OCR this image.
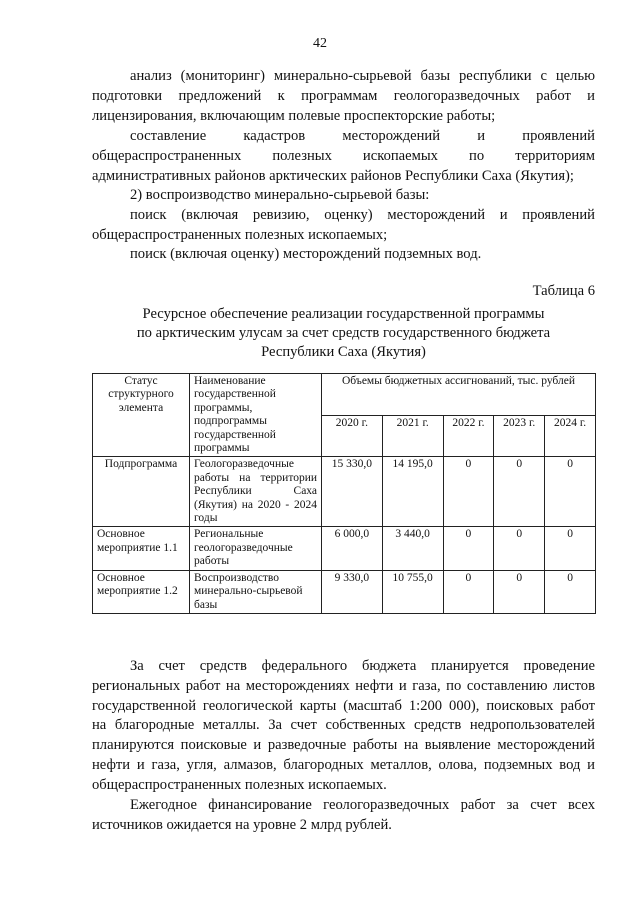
42
анализ (мониторинг) минерально-сырьевой базы республики с целью
подготовки предложений к программам геологоразведочных работ и
лицензирования, включающим полевые проспекторские работы;
составление кадастров месторождений и проявлений
общераспространенных полезных ископаемых по территориям
административных районов арктических районов Республики Саха (Якутия);
2) воспроизводство минерально-сырьевой базы:
поиск (включая ревизию, оценку) месторождений и проявлений
общераспространенных полезных ископаемых;
поиск (включая оценку) месторождений подземных вод.
Таблица 6
Ресурсное обеспечение реализации государственной программы
по арктическим улусам за счет средств государственного бюджета
Республики Саха (Якутия)
Статус структурного элемента	Наименование государственной программы, подпрограммы государственной программы	Объемы бюджетных ассигнований, тыс. рублей				
		2020 г.	2021 г.	2022 г.	2023 г.	2024 г.
Подпрограмма	Геологоразведочные работы на территории Республики Саха (Якутия) на 2020 - 2024 годы	15 330,0	14 195,0	0	0	0
Основное мероприятие 1.1	Региональные геологоразведочные работы	6 000,0	3 440,0	0	0	0
Основное мероприятие 1.2	Воспроизводство минерально-сырьевой базы	9 330,0	10 755,0	0	0	0
За счет средств федерального бюджета планируется проведение
региональных работ на месторождениях нефти и газа, по составлению листов
государственной геологической карты (масштаб 1:200 000), поисковых работ
на благородные металлы. За счет собственных средств недропользователей
планируются поисковые и разведочные работы на выявление месторождений
нефти и газа, угля, алмазов, благородных металлов, олова, подземных вод и
общераспространенных полезных ископаемых.
Ежегодное финансирование геологоразведочных работ за счет всех
источников ожидается на уровне 2 млрд рублей.
